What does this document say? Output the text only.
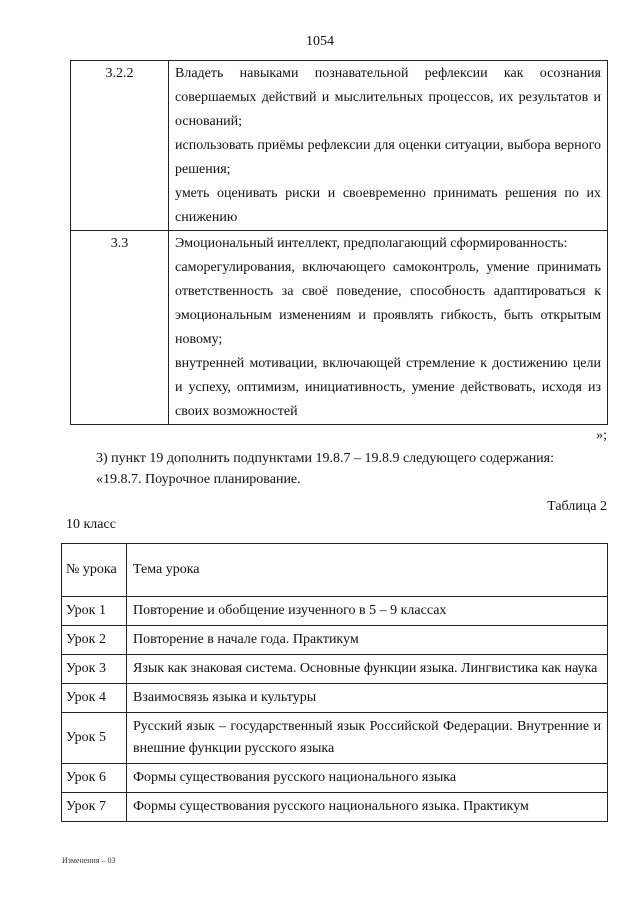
1054
3.2.2	Владеть навыками познавательной рефлексии как осознания совершаемых действий и мыслительных процессов, их результатов и оснований;
использовать приёмы рефлексии для оценки ситуации, выбора верного решения;
уметь оценивать риски и своевременно принимать решения по их снижению

3.3	Эмоциональный интеллект, предполагающий сформированность:
саморегулирования, включающего самоконтроль, умение принимать ответственность за своё поведение, способность адаптироваться к эмоциональным изменениям и проявлять гибкость, быть открытым новому;
внутренней мотивации, включающей стремление к достижению цели и успеху, оптимизм, инициативность, умение действовать, исходя из своих возможностей
»;
3) пункт 19 дополнить подпунктами 19.8.7 – 19.8.9 следующего содержания:
«19.8.7. Поурочное планирование.
Таблица 2
10 класс
№ урока	Тема урока
Урок 1	Повторение и обобщение изученного в 5 – 9 классах
Урок 2	Повторение в начале года. Практикум
Урок 3	Язык как знаковая система. Основные функции языка. Лингвистика как наука
Урок 4	Взаимосвязь языка и культуры
Урок 5	Русский язык – государственный язык Российской Федерации. Внутренние и внешние функции русского языка
Урок 6	Формы существования русского национального языка
Урок 7	Формы существования русского национального языка. Практикум
Изменения – 03
